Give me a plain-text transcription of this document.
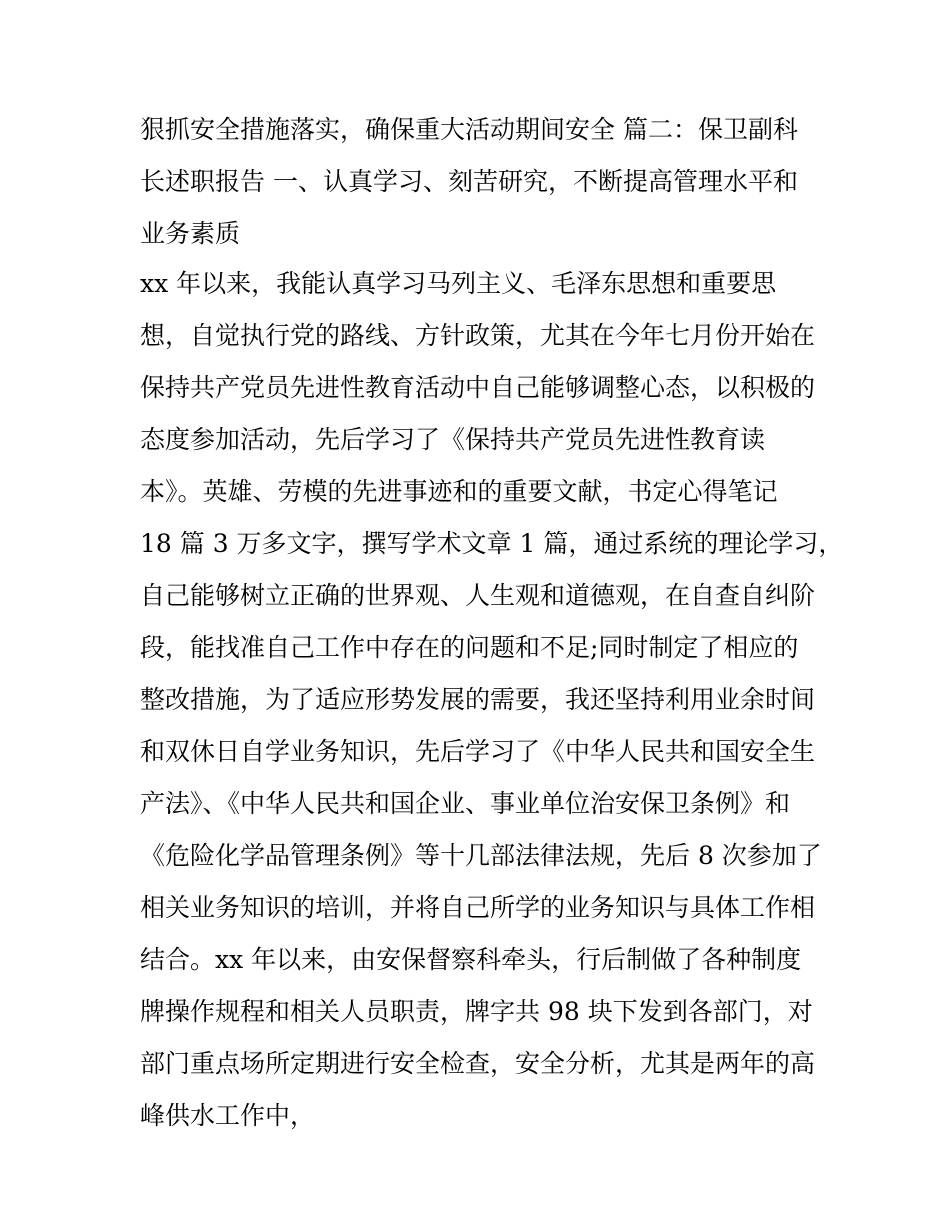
狠抓安全措施落实，确保重大活动期间安全 篇二：保卫副科
长述职报告 一、认真学习、刻苦研究，不断提高管理水平和
业务素质
xx 年以来，我能认真学习马列主义、毛泽东思想和重要思
想，自觉执行党的路线、方针政策，尤其在今年七月份开始在
保持共产党员先进性教育活动中自己能够调整心态，以积极的
态度参加活动，先后学习了《保持共产党员先进性教育读
本》。英雄、劳模的先进事迹和的重要文献，书定心得笔记
18 篇 3 万多文字，撰写学术文章 1 篇，通过系统的理论学习，
自己能够树立正确的世界观、人生观和道德观，在自查自纠阶
段，能找准自己工作中存在的问题和不足;同时制定了相应的
整改措施，为了适应形势发展的需要，我还坚持利用业余时间
和双休日自学业务知识，先后学习了《中华人民共和国安全生
产法》、《中华人民共和国企业、事业单位治安保卫条例》和
《危险化学品管理条例》等十几部法律法规，先后 8 次参加了
相关业务知识的培训，并将自己所学的业务知识与具体工作相
结合。xx 年以来，由安保督察科牵头，行后制做了各种制度
牌操作规程和相关人员职责，牌字共 98 块下发到各部门，对
部门重点场所定期进行安全检查，安全分析，尤其是两年的高
峰供水工作中，
